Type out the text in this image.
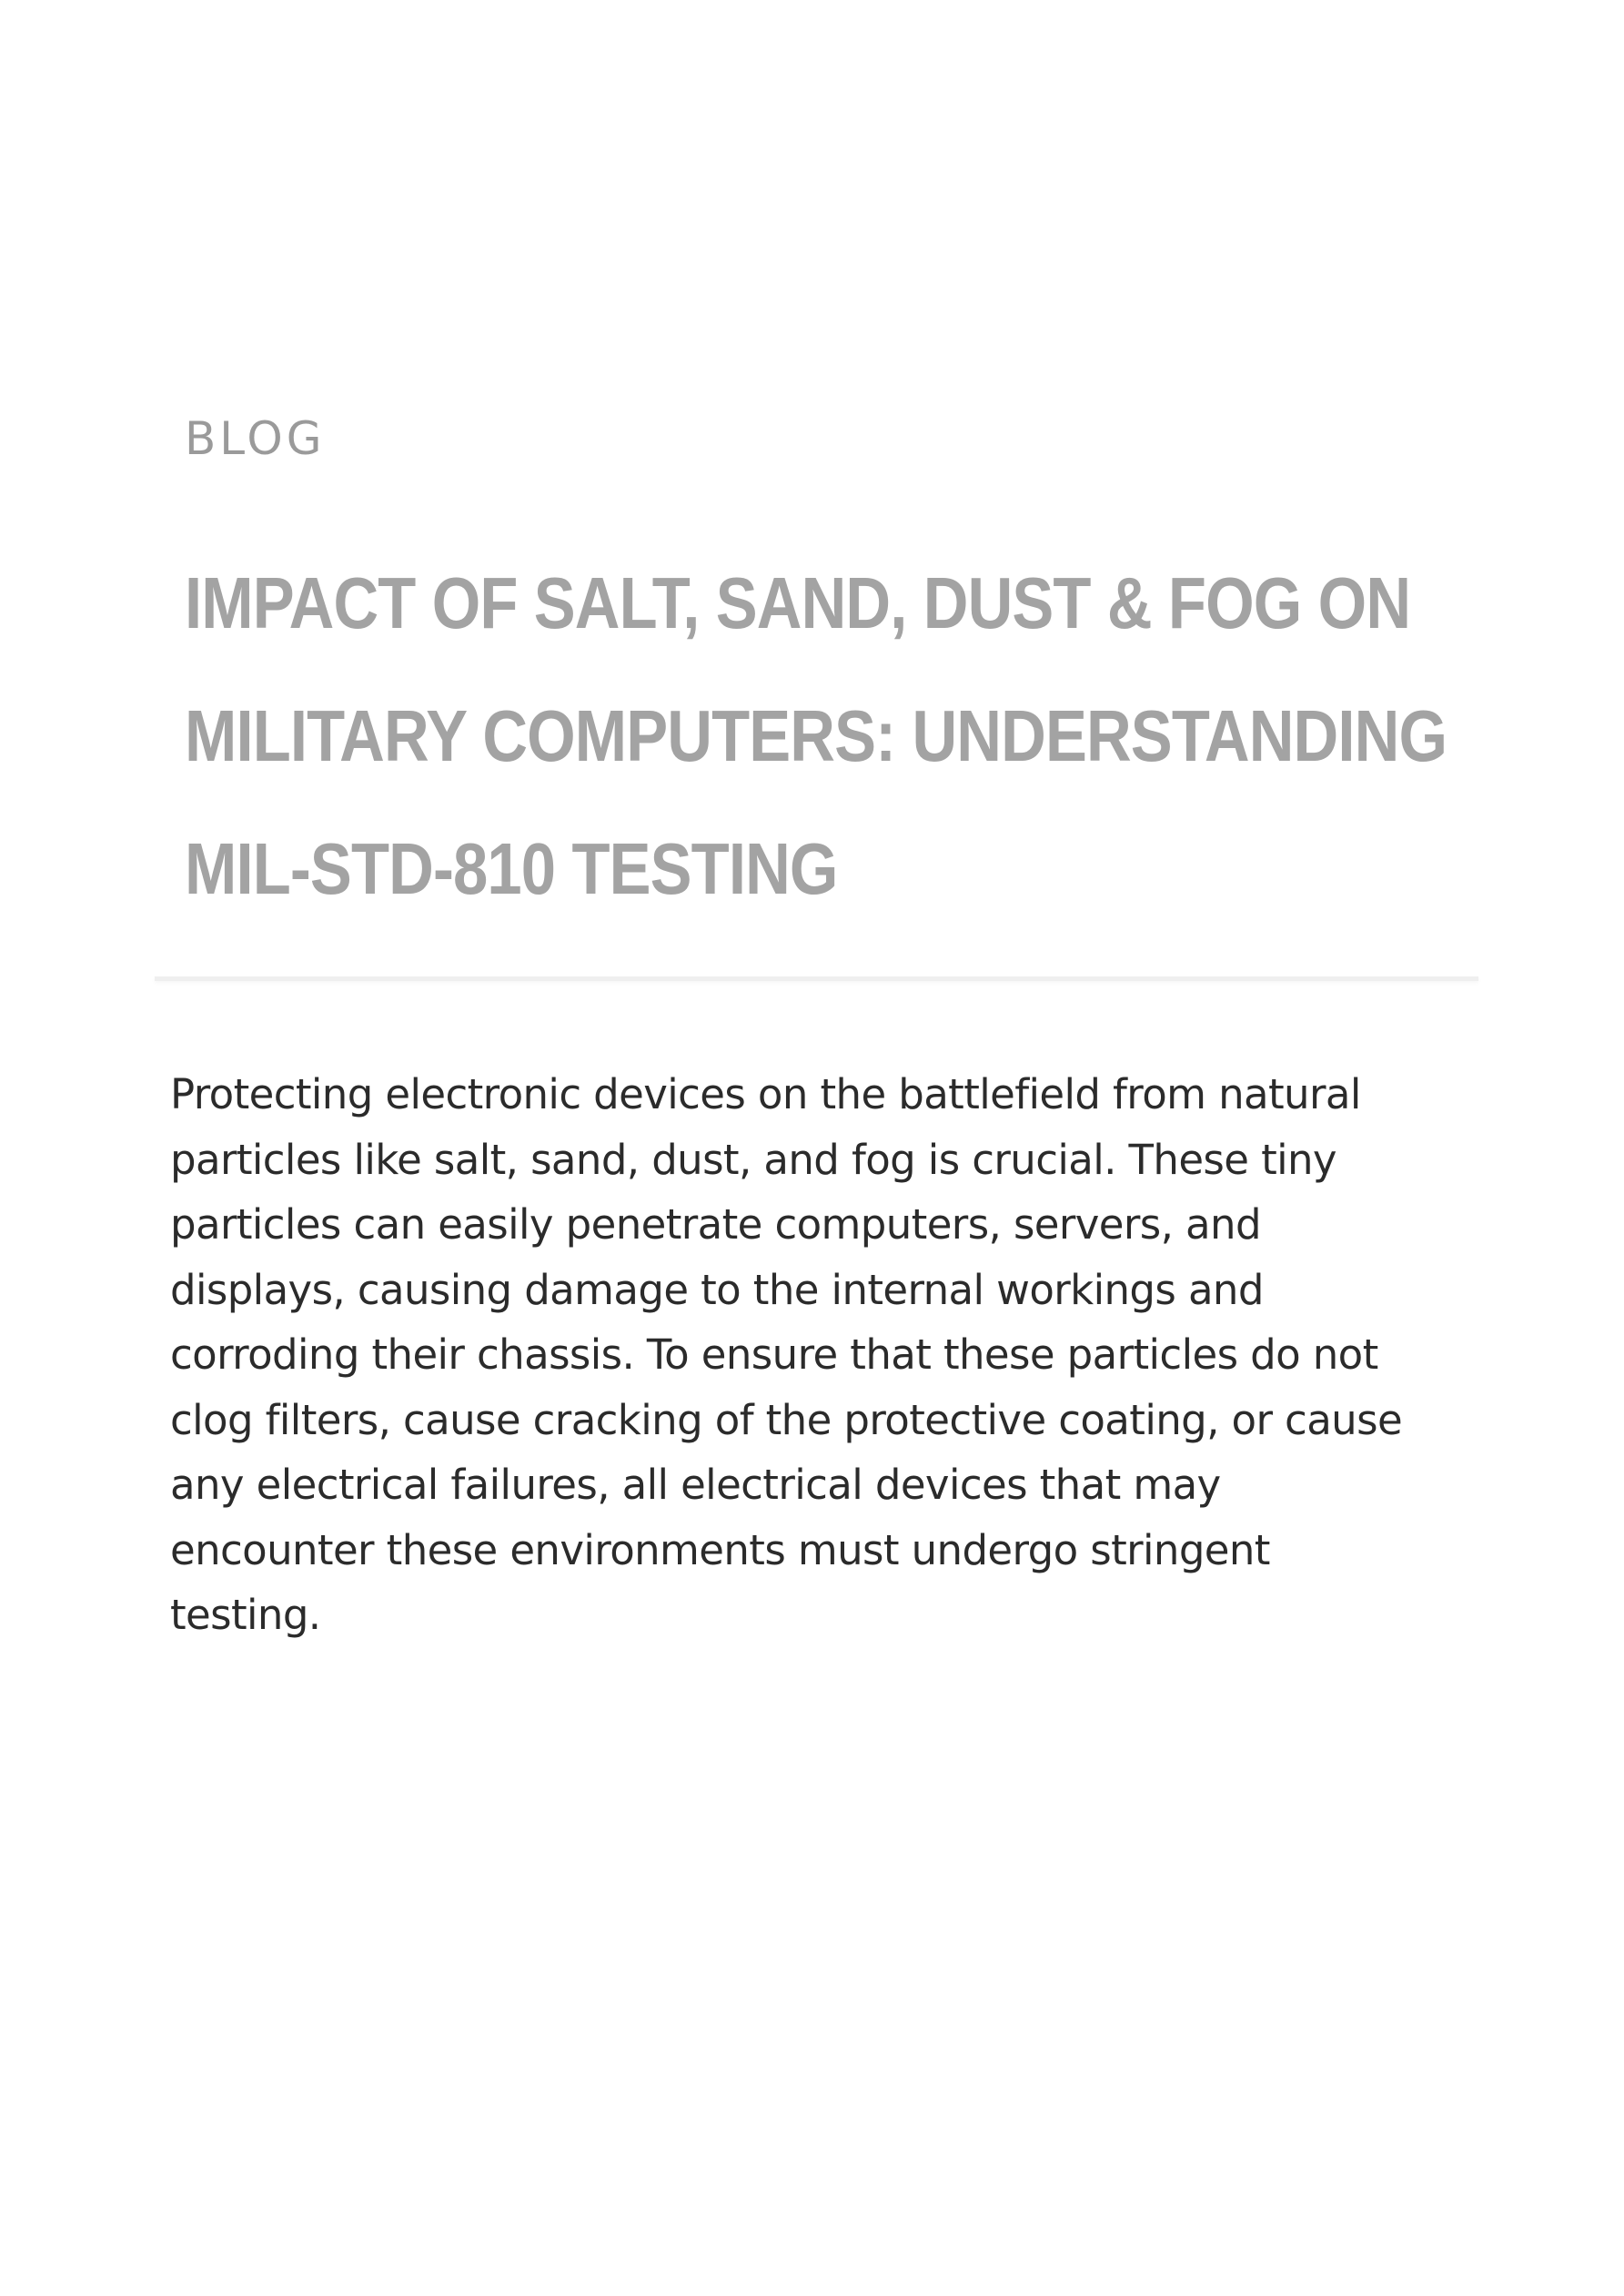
BLOG
IMPACT OF SALT, SAND, DUST & FOG ON
MILITARY COMPUTERS: UNDERSTANDING
MIL-STD-810 TESTING

Protecting electronic devices on the battlefield from natural
particles like salt, sand, dust, and fog is crucial. These tiny
particles can easily penetrate computers, servers, and
displays, causing damage to the internal workings and
corroding their chassis. To ensure that these particles do not
clog filters, cause cracking of the protective coating, or cause
any electrical failures, all electrical devices that may
encounter these environments must undergo stringent
testing.
